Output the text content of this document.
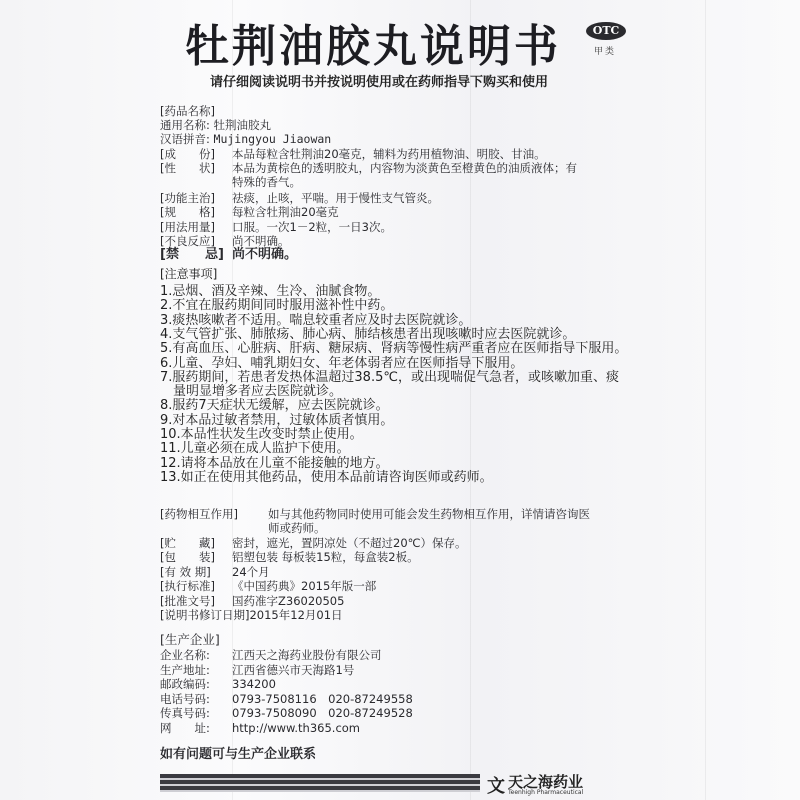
牡荆油胶丸说明书	OTC
甲类
请仔细阅读说明书并按说明使用或在药师指导下购买和使用
[药品名称]
通用名称: 牡荆油胶丸
汉语拼音: Mujingyou Jiaowan
[成　　份] 本品每粒含牡荆油20毫克，辅料为药用植物油、明胶、甘油。
[性　　状] 本品为黄棕色的透明胶丸，内容物为淡黄色至橙黄色的油质液体；有
特殊的香气。
[功能主治] 祛痰，止咳，平喘。用于慢性支气管炎。
[规　　格] 每粒含牡荆油20毫克
[用法用量] 口服。一次1－2粒，一日3次。
[不良反应] 尚不明确。
[禁　　忌] 尚不明确。
[注意事项]
1.忌烟、酒及辛辣、生冷、油腻食物。
2.不宜在服药期间同时服用滋补性中药。
3.痰热咳嗽者不适用。喘息较重者应及时去医院就诊。
4.支气管扩张、肺脓疡、肺心病、肺结核患者出现咳嗽时应去医院就诊。
5.有高血压、心脏病、肝病、糖尿病、肾病等慢性病严重者应在医师指导下服用。
6.儿童、孕妇、哺乳期妇女、年老体弱者应在医师指导下服用。
7.服药期间，若患者发热体温超过38.5℃，或出现喘促气急者，或咳嗽加重、痰
　量明显增多者应去医院就诊。
8.服药7天症状无缓解，应去医院就诊。
9.对本品过敏者禁用，过敏体质者慎用。
10.本品性状发生改变时禁止使用。
11.儿童必须在成人监护下使用。
12.请将本品放在儿童不能接触的地方。
13.如正在使用其他药品，使用本品前请咨询医师或药师。
[药物相互作用]	如与其他药物同时使用可能会发生药物相互作用，详情请咨询医
师或药师。
[贮　　藏] 密封，遮光，置阴凉处（不超过20℃）保存。
[包　　装] 铝塑包装 每板装15粒，每盒装2板。
[有 效 期] 24个月
[执行标准] 《中国药典》2015年版一部
[批准文号] 国药准字Z36020505
[说明书修订日期]2015年12月01日
[生产企业]
企业名称: 江西天之海药业股份有限公司
生产地址: 江西省德兴市天海路1号
邮政编码: 334200
电话号码: 0793-7508116　020-87249558
传真号码: 0793-7508090　020-87249528
网　　址: http://www.th365.com
如有问题可与生产企业联系
⽂ 天之海药业
Teenhigh Pharmaceutical
